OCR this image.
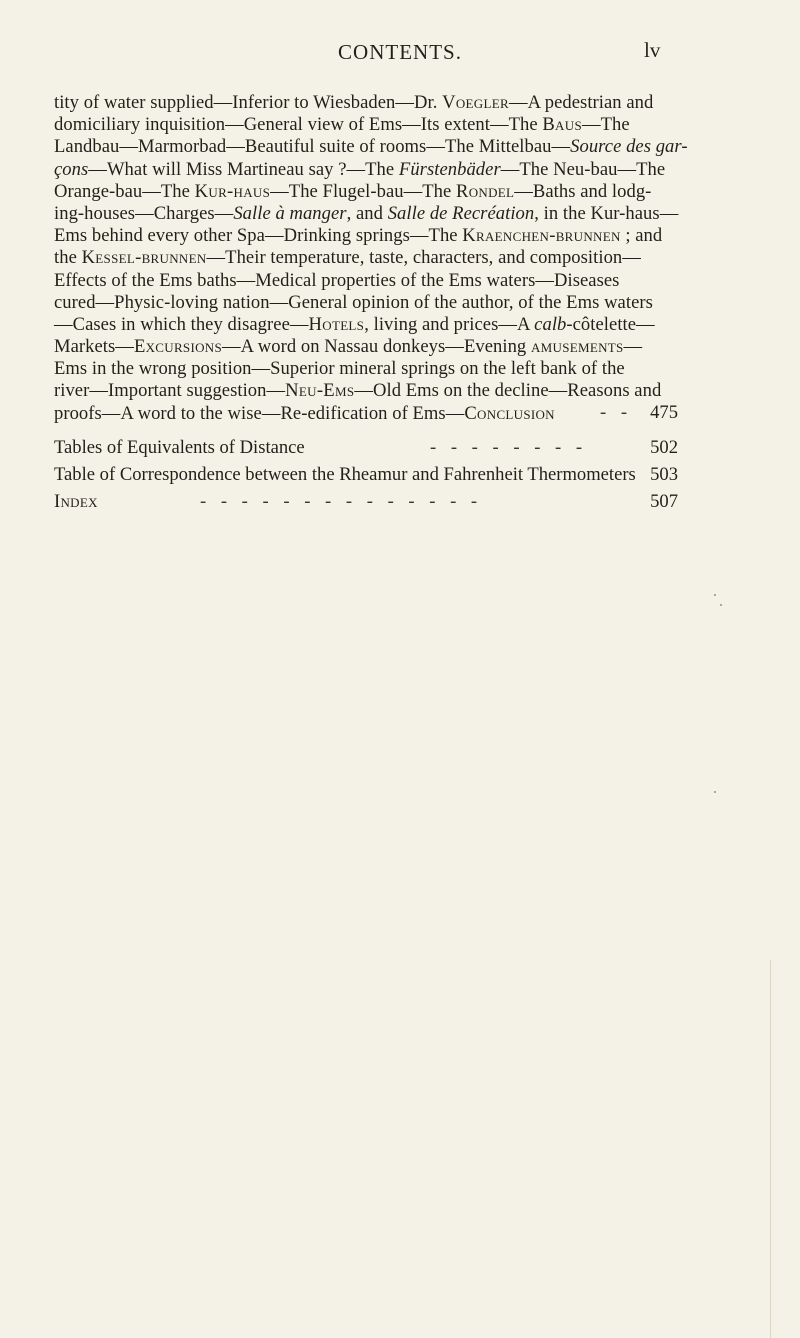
CONTENTS.	lv
tity of water supplied—Inferior to Wiesbaden—Dr. Voegler—A pedestrian and
domiciliary inquisition—General view of Ems—Its extent—The Baus—The
Landbau—Marmorbad—Beautiful suite of rooms—The Mittelbau—Source des gar-
çons—What will Miss Martineau say ?—The Fürstenbäder—The Neu-bau—The
Orange-bau—The Kur-haus—The Flugel-bau—The Rondel—Baths and lodg-
ing-houses—Charges—Salle à manger, and Salle de Recréation, in the Kur-haus—
Ems behind every other Spa—Drinking springs—The Kraenchen-brunnen ; and
the Kessel-brunnen—Their temperature, taste, characters, and composition—
Effects of the Ems baths—Medical properties of the Ems waters—Diseases
cured—Physic-loving nation—General opinion of the author, of the Ems waters
—Cases in which they disagree—Hotels, living and prices—A calb-côtelette—
Markets—Excursions—A word on Nassau donkeys—Evening amusements—
Ems in the wrong position—Superior mineral springs on the left bank of the
river—Important suggestion—Neu-Ems—Old Ems on the decline—Reasons and
proofs—A word to the wise—Re-edification of Ems—Conclusion	- - 475
Tables of Equivalents of Distance	- - - - - - - -	502
Table of Correspondence between the Rheamur and Fahrenheit Thermometers 503
Index	- - - - - - - - - - - - - -	507
